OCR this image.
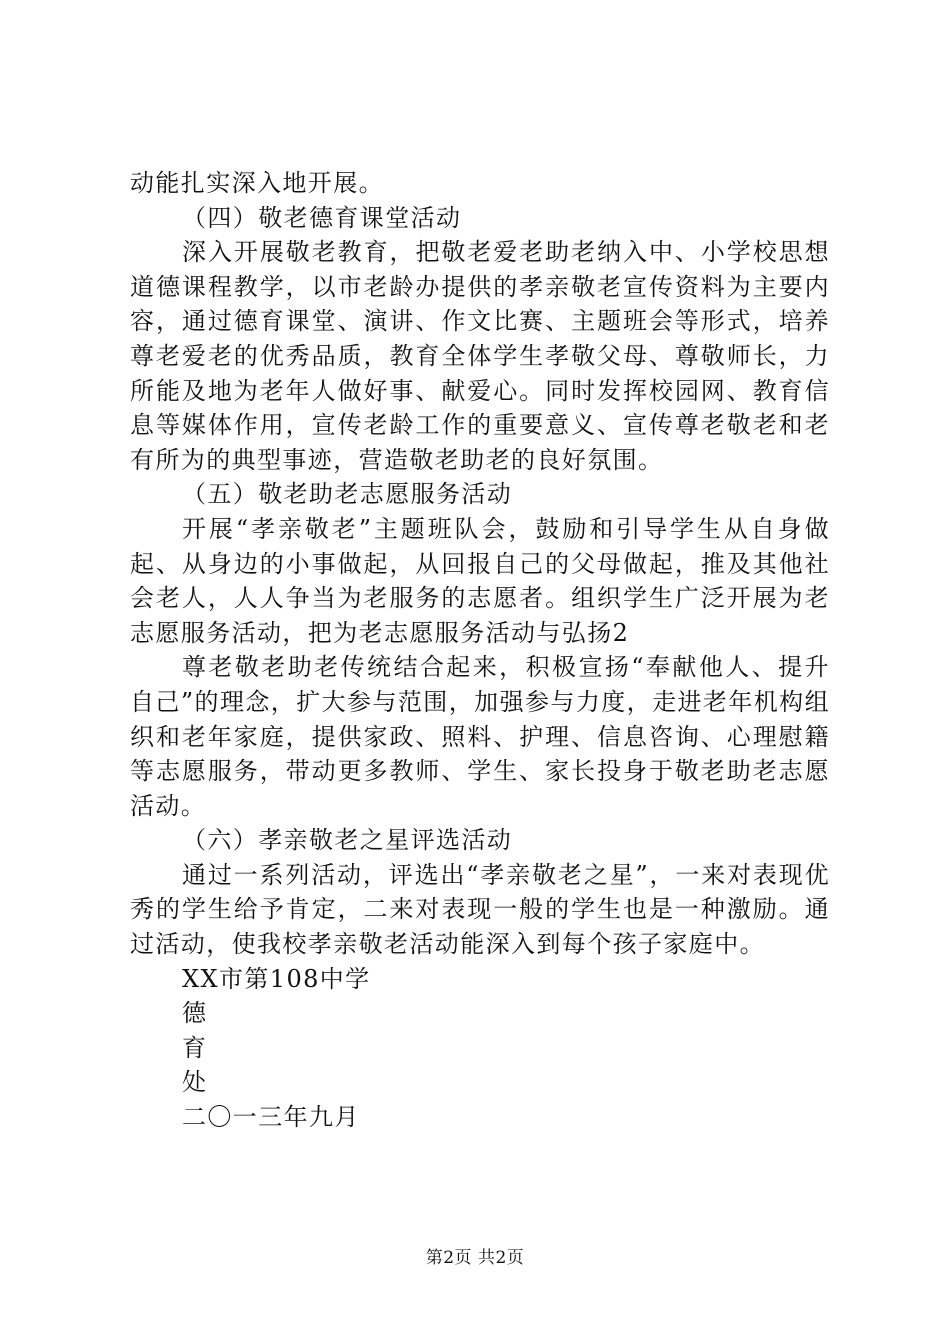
动能扎实深入地开展。

（四）敬老德育课堂活动

深入开展敬老教育，把敬老爱老助老纳入中、小学校思想道德课程教学，以市老龄办提供的孝亲敬老宣传资料为主要内容，通过德育课堂、演讲、作文比赛、主题班会等形式，培养尊老爱老的优秀品质，教育全体学生孝敬父母、尊敬师长，力所能及地为老年人做好事、献爱心。同时发挥校园网、教育信息等媒体作用，宣传老龄工作的重要意义、宣传尊老敬老和老有所为的典型事迹，营造敬老助老的良好氛围。

（五）敬老助老志愿服务活动

开展“孝亲敬老”主题班队会，鼓励和引导学生从自身做起、从身边的小事做起，从回报自己的父母做起，推及其他社会老人，人人争当为老服务的志愿者。组织学生广泛开展为老志愿服务活动，把为老志愿服务活动与弘扬2

尊老敬老助老传统结合起来，积极宣扬“奉献他人、提升自己”的理念，扩大参与范围，加强参与力度，走进老年机构组织和老年家庭，提供家政、照料、护理、信息咨询、心理慰籍等志愿服务，带动更多教师、学生、家长投身于敬老助老志愿活动。

（六）孝亲敬老之星评选活动

通过一系列活动，评选出“孝亲敬老之星”，一来对表现优秀的学生给予肯定，二来对表现一般的学生也是一种激励。通过活动，使我校孝亲敬老活动能深入到每个孩子家庭中。

XX市第108中学

德

育

处

二〇一三年九月

第2页 共2页
